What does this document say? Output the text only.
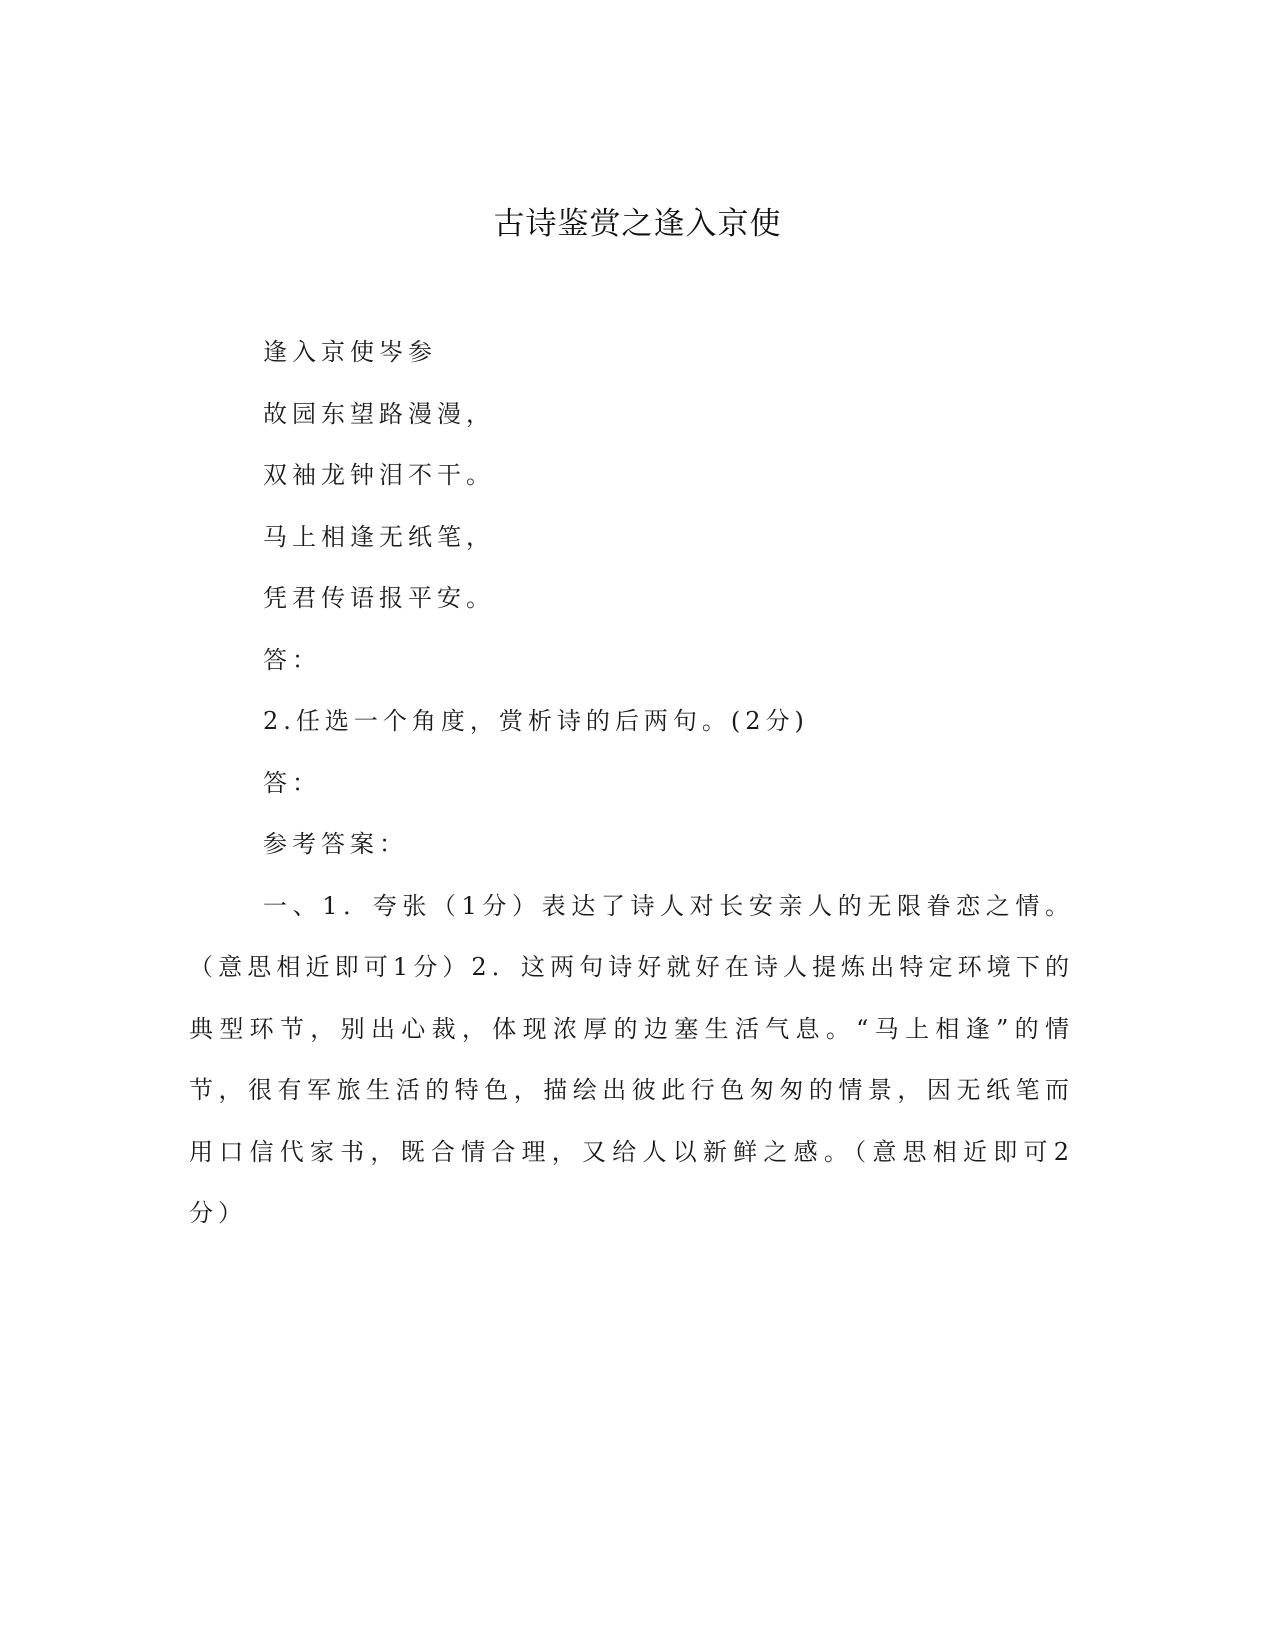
古诗鉴赏之逢入京使

逢入京使岑参

故园东望路漫漫，

双袖龙钟泪不干。

马上相逢无纸笔，

凭君传语报平安。

答：

2.任选一个角度，赏析诗的后两句。(2分)

答：

参考答案：

一、1．夸张（1分）表达了诗人对长安亲人的无限眷恋之情。（意思相近即可1分）2．这两句诗好就好在诗人提炼出特定环境下的典型环节，别出心裁，体现浓厚的边塞生活气息。“马上相逢”的情节，很有军旅生活的特色，描绘出彼此行色匆匆的情景，因无纸笔而用口信代家书，既合情合理，又给人以新鲜之感。（意思相近即可2分）
